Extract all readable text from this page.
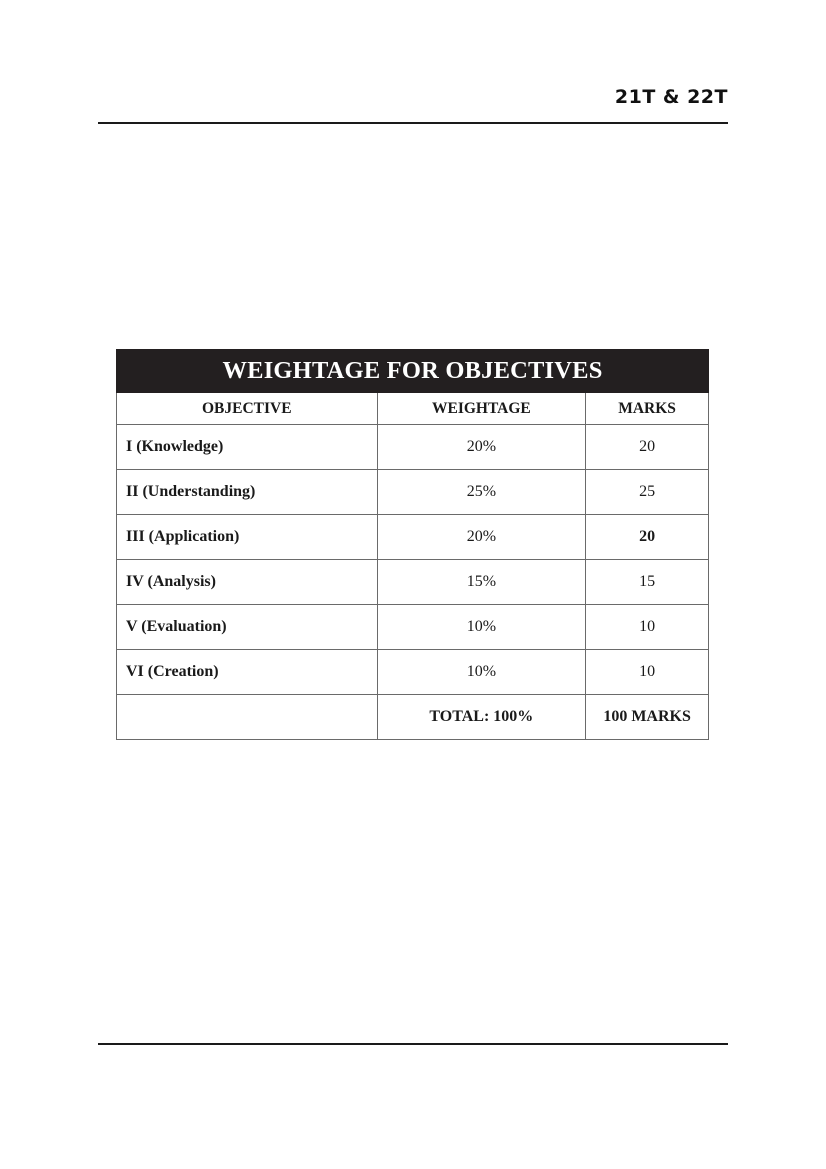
21T & 22T
WEIGHTAGE FOR OBJECTIVES		
OBJECTIVE	WEIGHTAGE	MARKS
I (Knowledge)	20%	20
II (Understanding)	25%	25
III (Application)	20%	20
IV (Analysis)	15%	15
V (Evaluation)	10%	10
VI (Creation)	10%	10
	TOTAL: 100%	100 MARKS
